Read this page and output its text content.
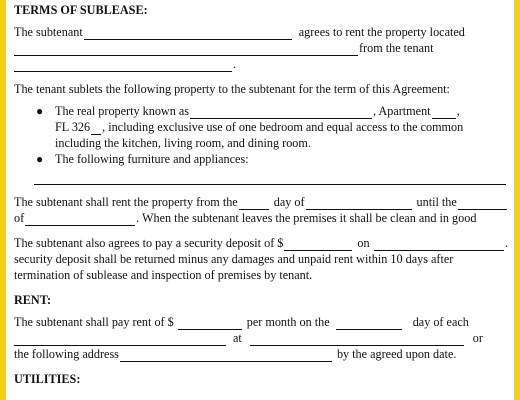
TERMS OF SUBLEASE:
The subtenant	agrees to rent the property located
from the tenant
.
The tenant sublets the following property to the subtenant for the term of this Agreement:
● The real property known as	, Apartment ,
FL 326 , including exclusive use of one bedroom and equal access to the common
including the kitchen, living room, and dining room.
● The following furniture and appliances:
The subtenant shall rent the property from the	day of	until the
of	. When the subtenant leaves the premises it shall be clean and in good
The subtenant also agrees to pay a security deposit of $	on	.
security deposit shall be returned minus any damages and unpaid rent within 10 days after
termination of sublease and inspection of premises by tenant.
RENT:
The subtenant shall pay rent of $	per month on the	day of each
at	or
the following address	by the agreed upon date.
UTILITIES:
